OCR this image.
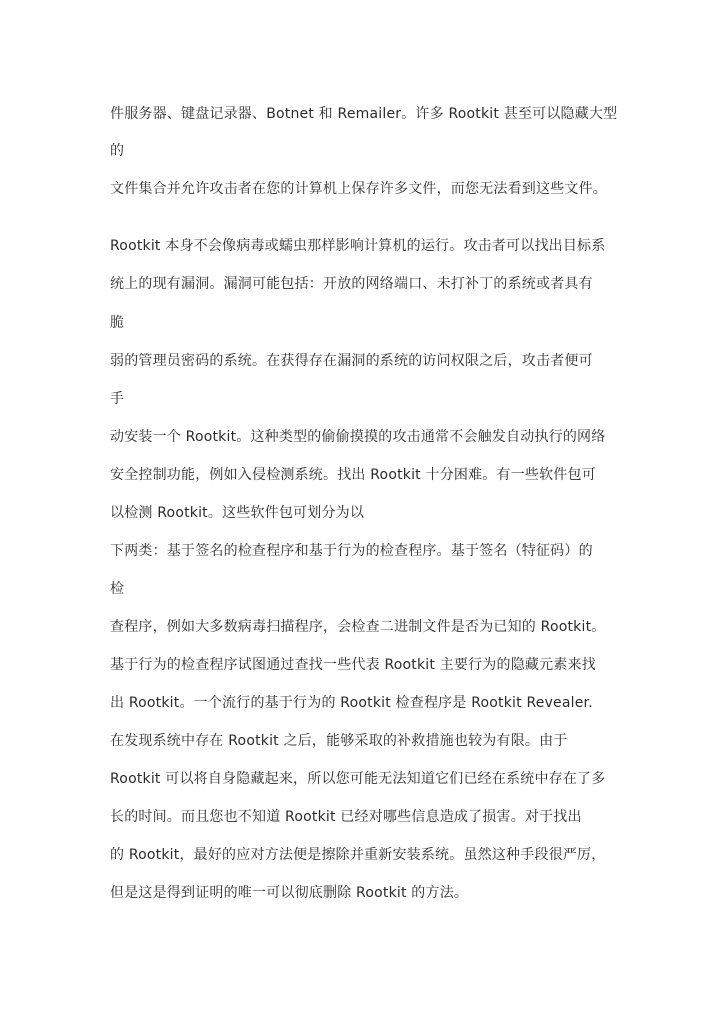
件服务器、键盘记录器、Botnet 和 Remailer。许多 Rootkit 甚至可以隐藏大型

的

文件集合并允许攻击者在您的计算机上保存许多文件，而您无法看到这些文件。

Rootkit 本身不会像病毒或蠕虫那样影响计算机的运行。攻击者可以找出目标系

统上的现有漏洞。漏洞可能包括：开放的网络端口、未打补丁的系统或者具有

脆

弱的管理员密码的系统。在获得存在漏洞的系统的访问权限之后，攻击者便可

手

动安装一个 Rootkit。这种类型的偷偷摸摸的攻击通常不会触发自动执行的网络

安全控制功能，例如入侵检测系统。找出 Rootkit 十分困难。有一些软件包可

以检测 Rootkit。这些软件包可划分为以

下两类：基于签名的检查程序和基于行为的检查程序。基于签名（特征码）的

检

查程序，例如大多数病毒扫描程序，会检查二进制文件是否为已知的 Rootkit。

基于行为的检查程序试图通过查找一些代表 Rootkit 主要行为的隐藏元素来找

出 Rootkit。一个流行的基于行为的 Rootkit 检查程序是 Rootkit Revealer.

在发现系统中存在 Rootkit 之后，能够采取的补救措施也较为有限。由于

Rootkit 可以将自身隐藏起来，所以您可能无法知道它们已经在系统中存在了多

长的时间。而且您也不知道 Rootkit 已经对哪些信息造成了损害。对于找出

的 Rootkit，最好的应对方法便是擦除并重新安装系统。虽然这种手段很严厉，

但是这是得到证明的唯一可以彻底删除 Rootkit 的方法。
